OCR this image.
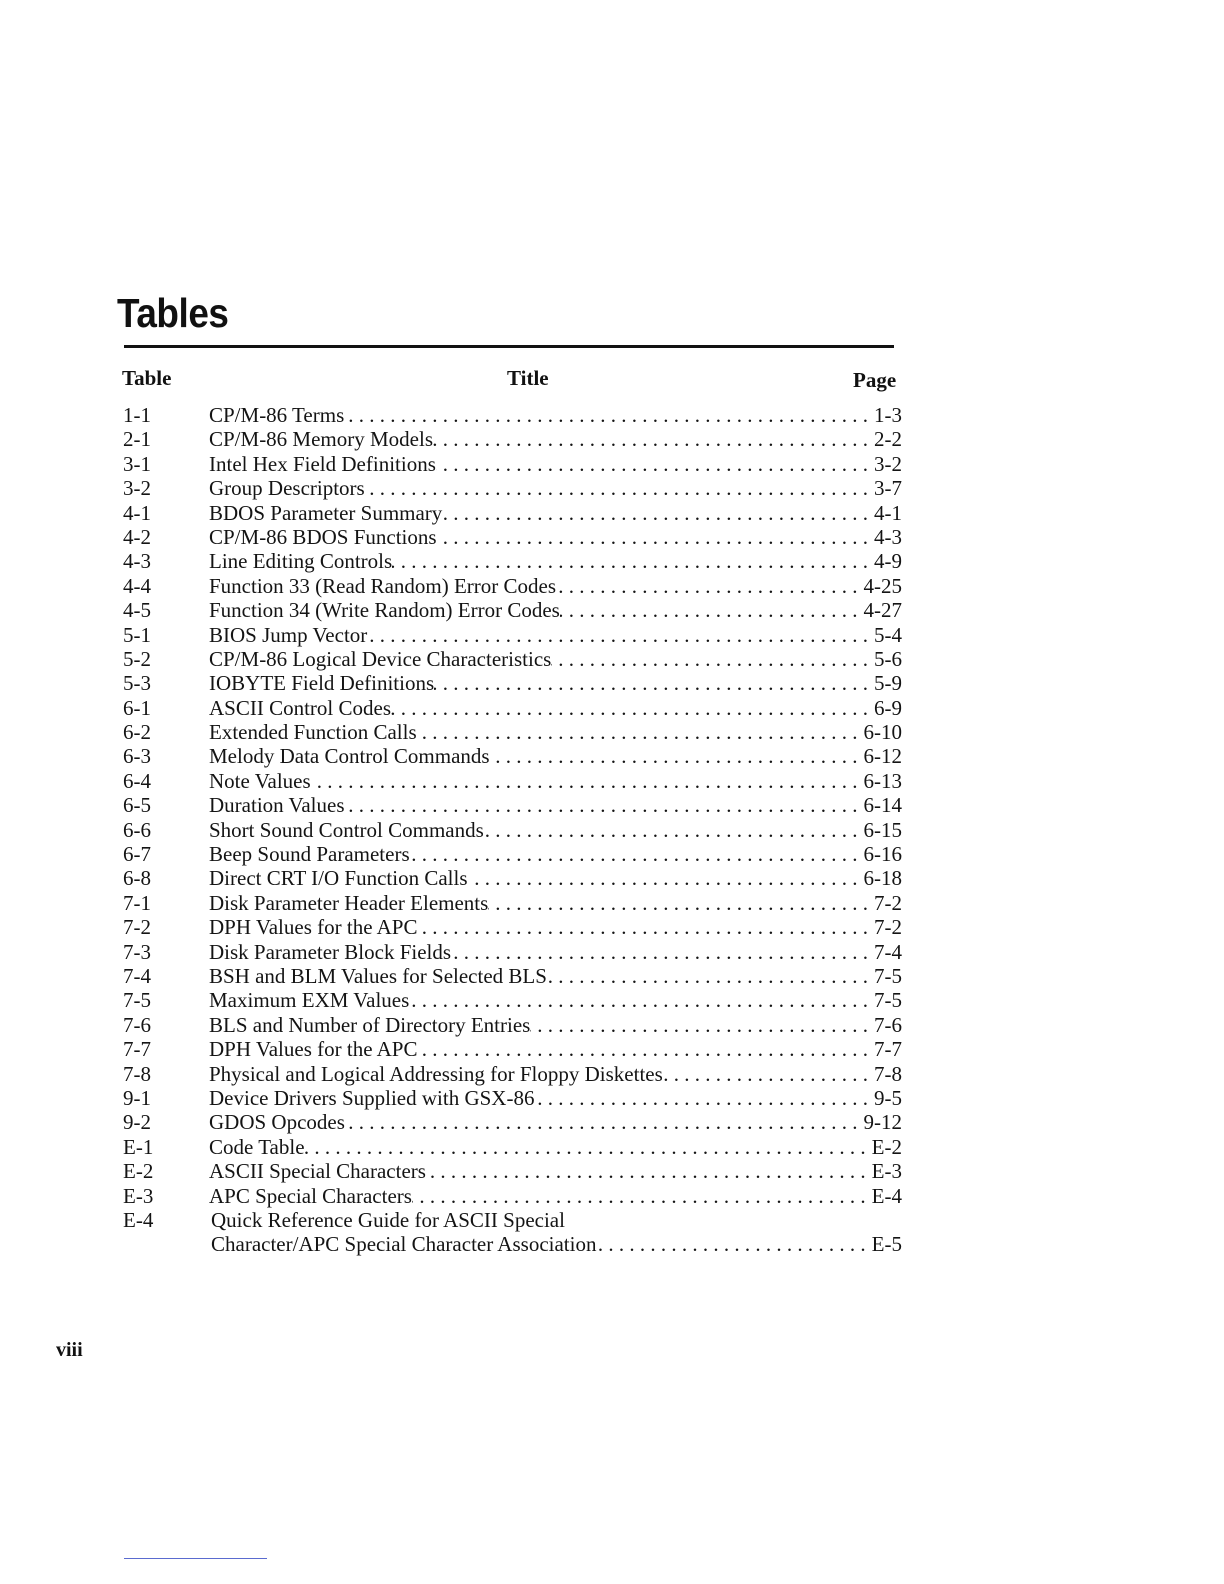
Tables
Table	Title	Page
1-1	CP/M-86 Terms . . .	1-3
2-1	CP/M-86 Memory Models . . .	2-2
3-1	Intel Hex Field Definitions . . .	3-2
3-2	Group Descriptors . . .	3-7
4-1	BDOS Parameter Summary . . .	4-1
4-2	CP/M-86 BDOS Functions . . .	4-3
4-3	Line Editing Controls . . .	4-9
4-4	Function 33 (Read Random) Error Codes . . .	4-25
4-5	Function 34 (Write Random) Error Codes . . .	4-27
5-1	BIOS Jump Vector . . .	5-4
5-2	CP/M-86 Logical Device Characteristics . . .	5-6
5-3	IOBYTE Field Definitions . . .	5-9
6-1	ASCII Control Codes . . .	6-9
6-2	Extended Function Calls . . .	6-10
6-3	Melody Data Control Commands . . .	6-12
6-4	Note Values . . .	6-13
6-5	Duration Values . . .	6-14
6-6	Short Sound Control Commands . . .	6-15
6-7	Beep Sound Parameters . . .	6-16
6-8	Direct CRT I/O Function Calls . . .	6-18
7-1	Disk Parameter Header Elements . . .	7-2
7-2	DPH Values for the APC . . .	7-2
7-3	Disk Parameter Block Fields . . .	7-4
7-4	BSH and BLM Values for Selected BLS . . .	7-5
7-5	Maximum EXM Values . . .	7-5
7-6	BLS and Number of Directory Entries . . .	7-6
7-7	DPH Values for the APC . . .	7-7
7-8	Physical and Logical Addressing for Floppy Diskettes . . .	7-8
9-1	Device Drivers Supplied with GSX-86 . . .	9-5
9-2	GDOS Opcodes . . .	9-12
E-1	Code Table . . .	E-2
E-2	ASCII Special Characters . . .	E-3
E-3	APC Special Characters . . .	E-4
E-4	Quick Reference Guide for ASCII Special
Character/APC Special Character Association . . .	E-5
viii
